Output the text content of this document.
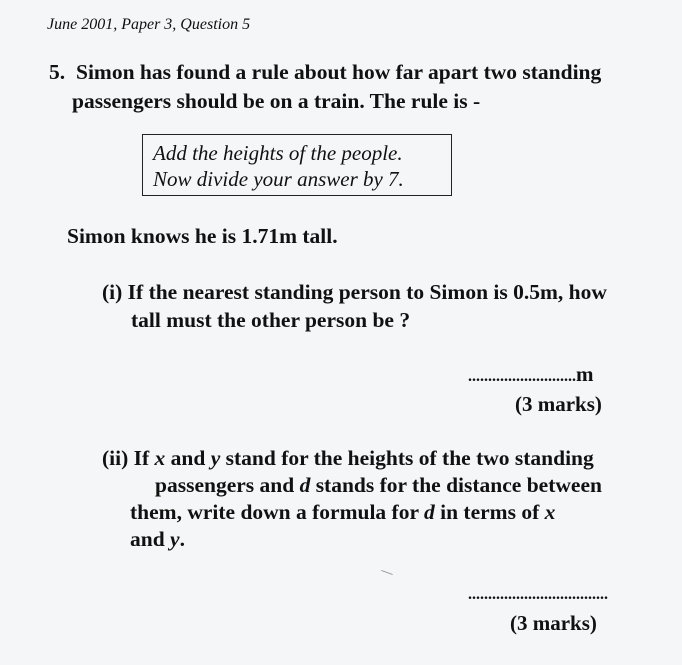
June 2001, Paper 3, Question 5
5. Simon has found a rule about how far apart two standing
passengers should be on a train. The rule is -
Add the heights of the people.
Now divide your answer by 7.
Simon knows he is 1.71m tall.
(i) If the nearest standing person to Simon is 0.5m, how
tall must the other person be ?
...........................m
(3 marks)
(ii) If x and y stand for the heights of the two standing
passengers and d stands for the distance between
them, write down a formula for d in terms of x
and y.
...................................
(3 marks)
